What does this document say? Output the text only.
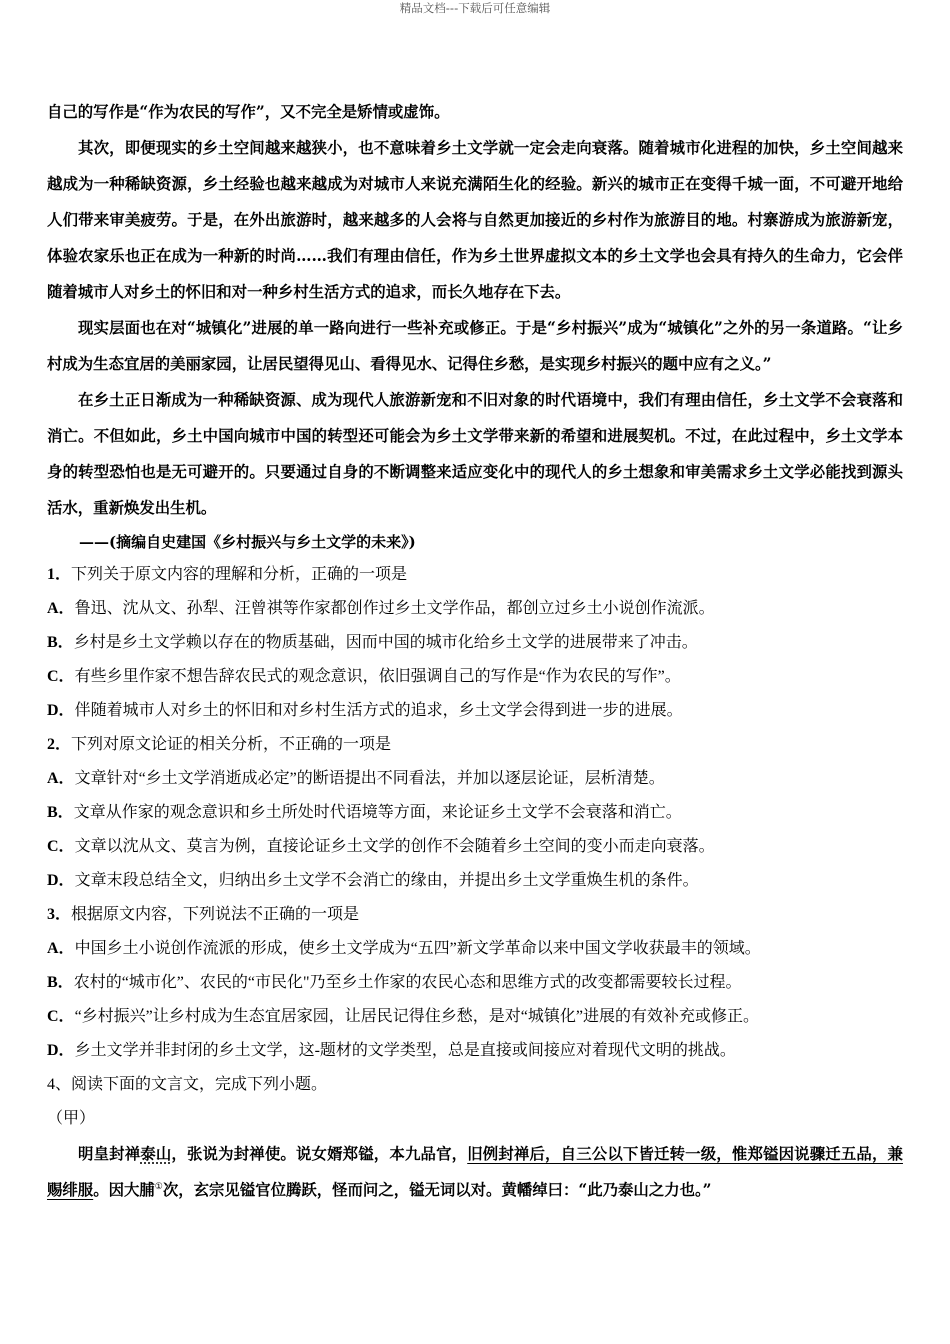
精品文档---下载后可任意编辑

自己的写作是“作为农民的写作”，又不完全是矫情或虚饰。

其次，即便现实的乡土空间越来越狭小，也不意味着乡土文学就一定会走向衰落。随着城市化进程的加快，乡土空间越来越成为一种稀缺资源，乡土经验也越来越成为对城市人来说充满陌生化的经验。新兴的城市正在变得千城一面，不可避开地给人们带来审美疲劳。于是，在外出旅游时，越来越多的人会将与自然更加接近的乡村作为旅游目的地。村寨游成为旅游新宠，体验农家乐也正在成为一种新的时尚……我们有理由信任，作为乡土世界虚拟文本的乡土文学也会具有持久的生命力，它会伴随着城市人对乡土的怀旧和对一种乡村生活方式的追求，而长久地存在下去。

现实层面也在对“城镇化”进展的单一路向进行一些补充或修正。于是“乡村振兴”成为“城镇化”之外的另一条道路。“让乡村成为生态宜居的美丽家园，让居民望得见山、看得见水、记得住乡愁，是实现乡村振兴的题中应有之义。”

在乡土正日渐成为一种稀缺资源、成为现代人旅游新宠和不旧对象的时代语境中，我们有理由信任，乡土文学不会衰落和消亡。不但如此，乡土中国向城市中国的转型还可能会为乡土文学带来新的希望和进展契机。不过，在此过程中，乡土文学本身的转型恐怕也是无可避开的。只要通过自身的不断调整来适应变化中的现代人的乡土想象和审美需求乡土文学必能找到源头活水，重新焕发出生机。

——(摘编自史建国《乡村振兴与乡土文学的未来》)

1．下列关于原文内容的理解和分析，正确的一项是

A．鲁迅、沈从文、孙犁、汪曾祺等作家都创作过乡土文学作品，都创立过乡土小说创作流派。

B．乡村是乡土文学赖以存在的物质基础，因而中国的城市化给乡土文学的进展带来了冲击。

C．有些乡里作家不想告辞农民式的观念意识，依旧强调自己的写作是“作为农民的写作”。

D．伴随着城市人对乡土的怀旧和对乡村生活方式的追求，乡土文学会得到进一步的进展。

2．下列对原文论证的相关分析，不正确的一项是

A．文章针对“乡土文学消逝成必定”的断语提出不同看法，并加以逐层论证，层析清楚。

B．文章从作家的观念意识和乡土所处时代语境等方面，来论证乡土文学不会衰落和消亡。

C．文章以沈从文、莫言为例，直接论证乡土文学的创作不会随着乡土空间的变小而走向衰落。

D．文章末段总结全文，归纳出乡土文学不会消亡的缘由，并提出乡土文学重焕生机的条件。

3．根据原文内容，下列说法不正确的一项是

A．中国乡土小说创作流派的形成，使乡土文学成为“五四”新文学革命以来中国文学收获最丰的领域。

B．农村的“城市化”、农民的“市民化"乃至乡土作家的农民心态和思维方式的改变都需要较长过程。

C．“乡村振兴”让乡村成为生态宜居家园，让居民记得住乡愁，是对“城镇化”进展的有效补充或修正。

D．乡土文学并非封闭的乡土文学，这-题材的文学类型，总是直接或间接应对着现代文明的挑战。

4、阅读下面的文言文，完成下列小题。

（甲）

明皇封禅泰山，张说为封禅使。说女婿郑镒，本九品官，旧例封禅后，自三公以下皆迁转一级，惟郑镒因说骤迁五品，兼赐绯服。因大脯①次，玄宗见镒官位腾跃，怪而问之，镒无词以对。黄幡绰曰：“此乃泰山之力也。”
